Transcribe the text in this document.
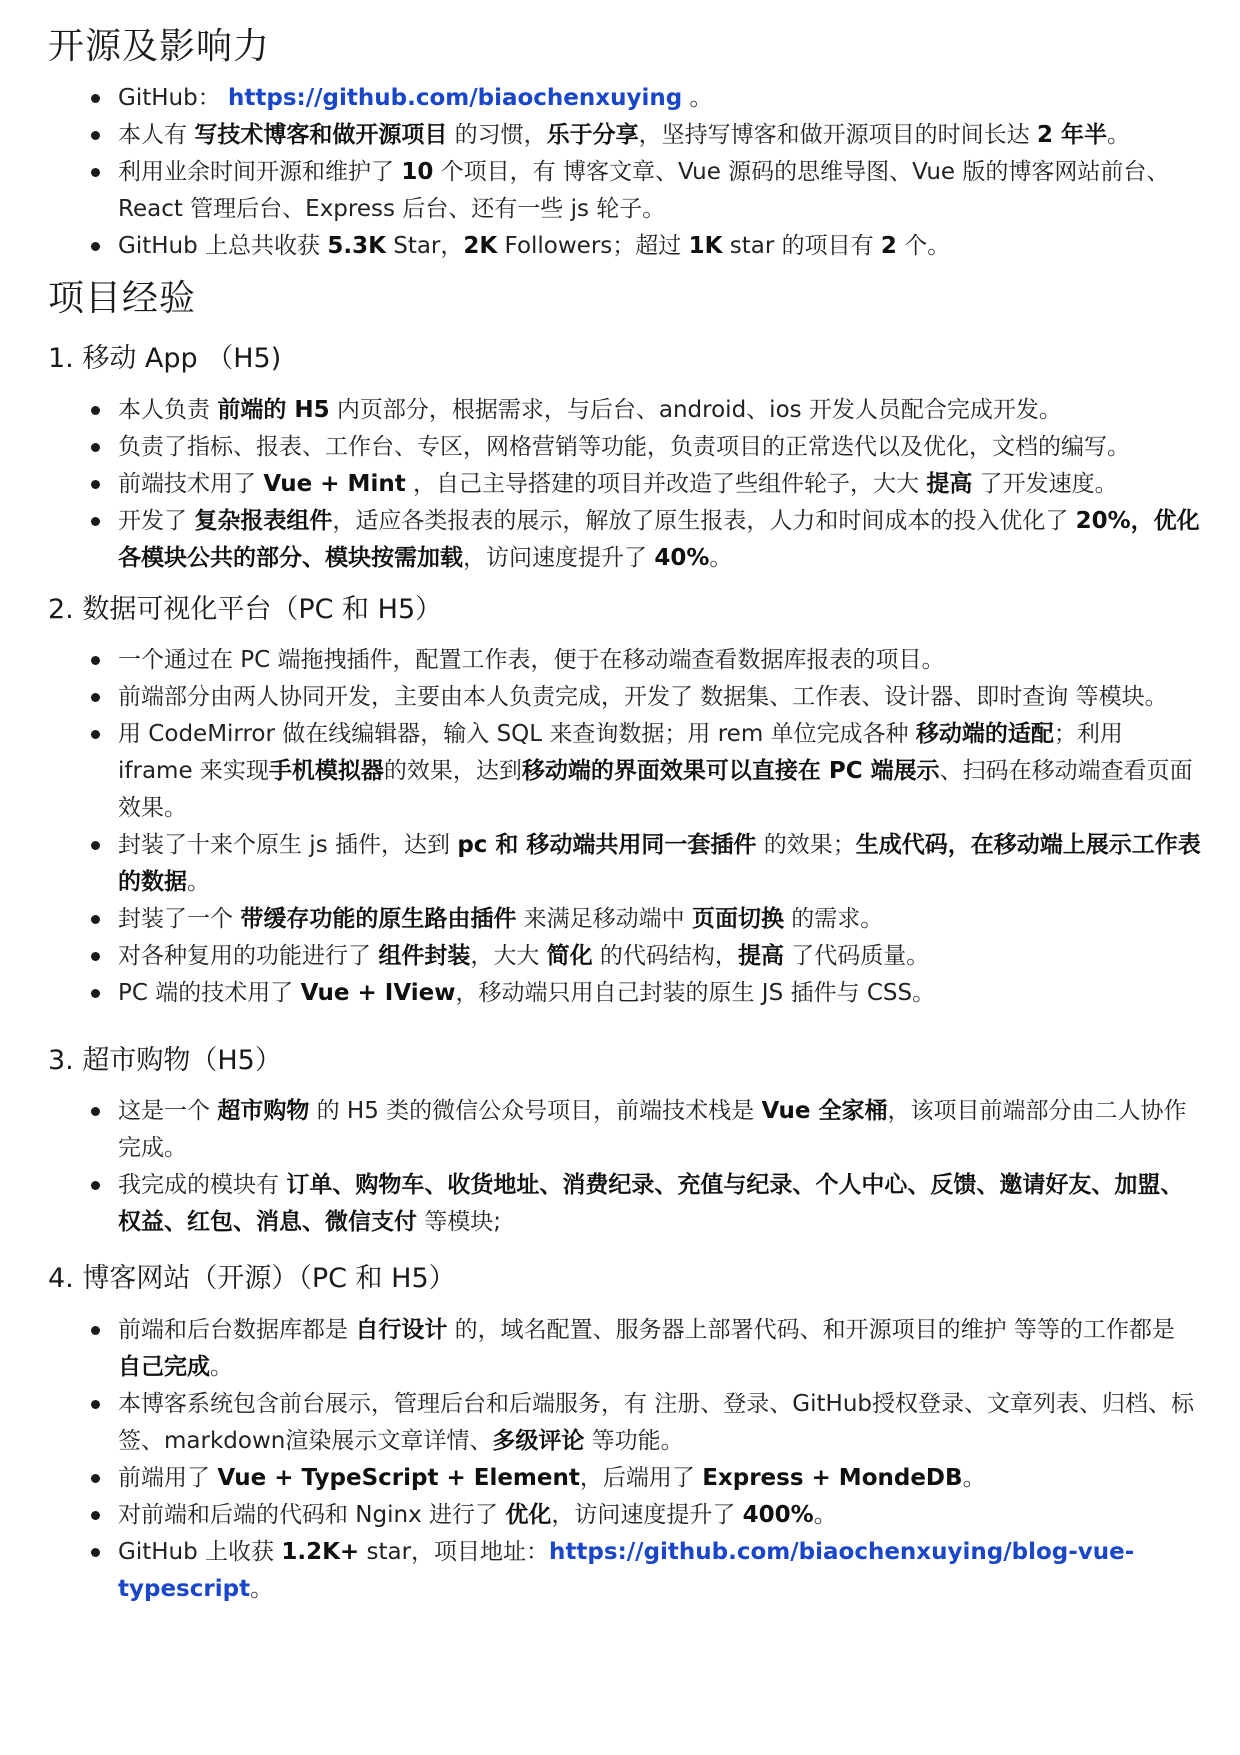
开源及影响力
GitHub： https://github.com/biaochenxuying 。
本人有 写技术博客和做开源项目 的习惯，乐于分享，坚持写博客和做开源项目的时间长达 2 年半。
利用业余时间开源和维护了 10 个项目，有 博客文章、Vue 源码的思维导图、Vue 版的博客网站前台、React 管理后台、Express 后台、还有一些 js 轮子。
GitHub 上总共收获 5.3K Star，2K Followers；超过 1K star 的项目有 2 个。
项目经验
1. 移动 App （H5)
本人负责 前端的 H5 内页部分，根据需求，与后台、android、ios 开发人员配合完成开发。
负责了指标、报表、工作台、专区，网格营销等功能，负责项目的正常迭代以及优化，文档的编写。
前端技术用了 Vue + Mint ，自己主导搭建的项目并改造了些组件轮子，大大 提高 了开发速度。
开发了 复杂报表组件，适应各类报表的展示，解放了原生报表，人力和时间成本的投入优化了 20%，优化各模块公共的部分、模块按需加载，访问速度提升了 40%。
2. 数据可视化平台（PC 和 H5）
一个通过在 PC 端拖拽插件，配置工作表，便于在移动端查看数据库报表的项目。
前端部分由两人协同开发，主要由本人负责完成，开发了 数据集、工作表、设计器、即时查询 等模块。
用 CodeMirror 做在线编辑器，输入 SQL 来查询数据；用 rem 单位完成各种 移动端的适配；利用 iframe 来实现手机模拟器的效果，达到移动端的界面效果可以直接在 PC 端展示、扫码在移动端查看页面效果。
封装了十来个原生 js 插件，达到 pc 和 移动端共用同一套插件 的效果；生成代码，在移动端上展示工作表的数据。
封装了一个 带缓存功能的原生路由插件 来满足移动端中 页面切换 的需求。
对各种复用的功能进行了 组件封装，大大 简化 的代码结构，提高 了代码质量。
PC 端的技术用了 Vue + IView，移动端只用自己封装的原生 JS 插件与 CSS。
3. 超市购物（H5）
这是一个 超市购物 的 H5 类的微信公众号项目，前端技术栈是 Vue 全家桶，该项目前端部分由二人协作完成。
我完成的模块有 订单、购物车、收货地址、消费纪录、充值与纪录、个人中心、反馈、邀请好友、加盟、权益、红包、消息、微信支付 等模块;
4. 博客网站（开源）（PC 和 H5）
前端和后台数据库都是 自行设计 的，域名配置、服务器上部署代码、和开源项目的维护 等等的工作都是 自己完成。
本博客系统包含前台展示，管理后台和后端服务，有 注册、登录、GitHub授权登录、文章列表、归档、标签、markdown渲染展示文章详情、多级评论 等功能。
前端用了 Vue + TypeScript + Element，后端用了 Express + MondeDB。
对前端和后端的代码和 Nginx 进行了 优化，访问速度提升了 400%。
GitHub 上收获 1.2K+ star，项目地址：https://github.com/biaochenxuying/blog-vue-typescript。
